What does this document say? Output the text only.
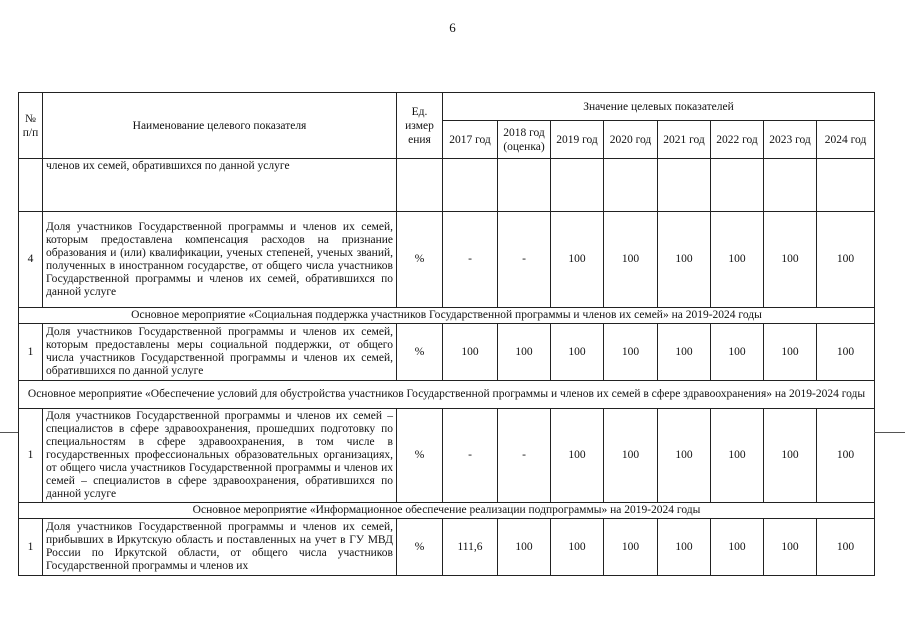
6
№ п/п	Наименование целевого показателя	Ед. измер ения	Значение целевых показателей							
			2017 год	2018 год (оценка)	2019 год	2020 год	2021 год	2022 год	2023 год	2024 год
	членов их семей, обратившихся по данной услуге									
4	Доля участников Государственной программы и членов их семей, которым предоставлена компенсация расходов на признание образования и (или) квалификации, ученых степеней, ученых званий, полученных в иностранном государстве, от общего числа участников Государственной программы и членов их семей, обратившихся по данной услуге	%	-	-	100	100	100	100	100	100
Основное мероприятие «Социальная поддержка участников Государственной программы и членов их семей» на 2019-2024 годы										
1	Доля участников Государственной программы и членов их семей, которым предоставлены меры социальной поддержки, от общего числа участников Государственной программы и членов их семей, обратившихся по данной услуге	%	100	100	100	100	100	100	100	100
Основное мероприятие «Обеспечение условий для обустройства участников Государственной программы и членов их семей в сфере здравоохранения» на 2019-2024 годы										
1	Доля участников Государственной программы и членов их семей – специалистов в сфере здравоохранения, прошедших подготовку по специальностям в сфере здравоохранения, в том числе в государственных профессиональных образовательных организациях, от общего числа участников Государственной программы и членов их семей – специалистов в сфере здравоохранения, обратившихся по данной услуге	%	-	-	100	100	100	100	100	100
Основное мероприятие «Информационное обеспечение реализации подпрограммы» на 2019-2024 годы										
1	Доля участников Государственной программы и членов их семей, прибывших в Иркутскую область и поставленных на учет в ГУ МВД России по Иркутской области, от общего числа участников Государственной программы и членов их	%	111,6	100	100	100	100	100	100	100
